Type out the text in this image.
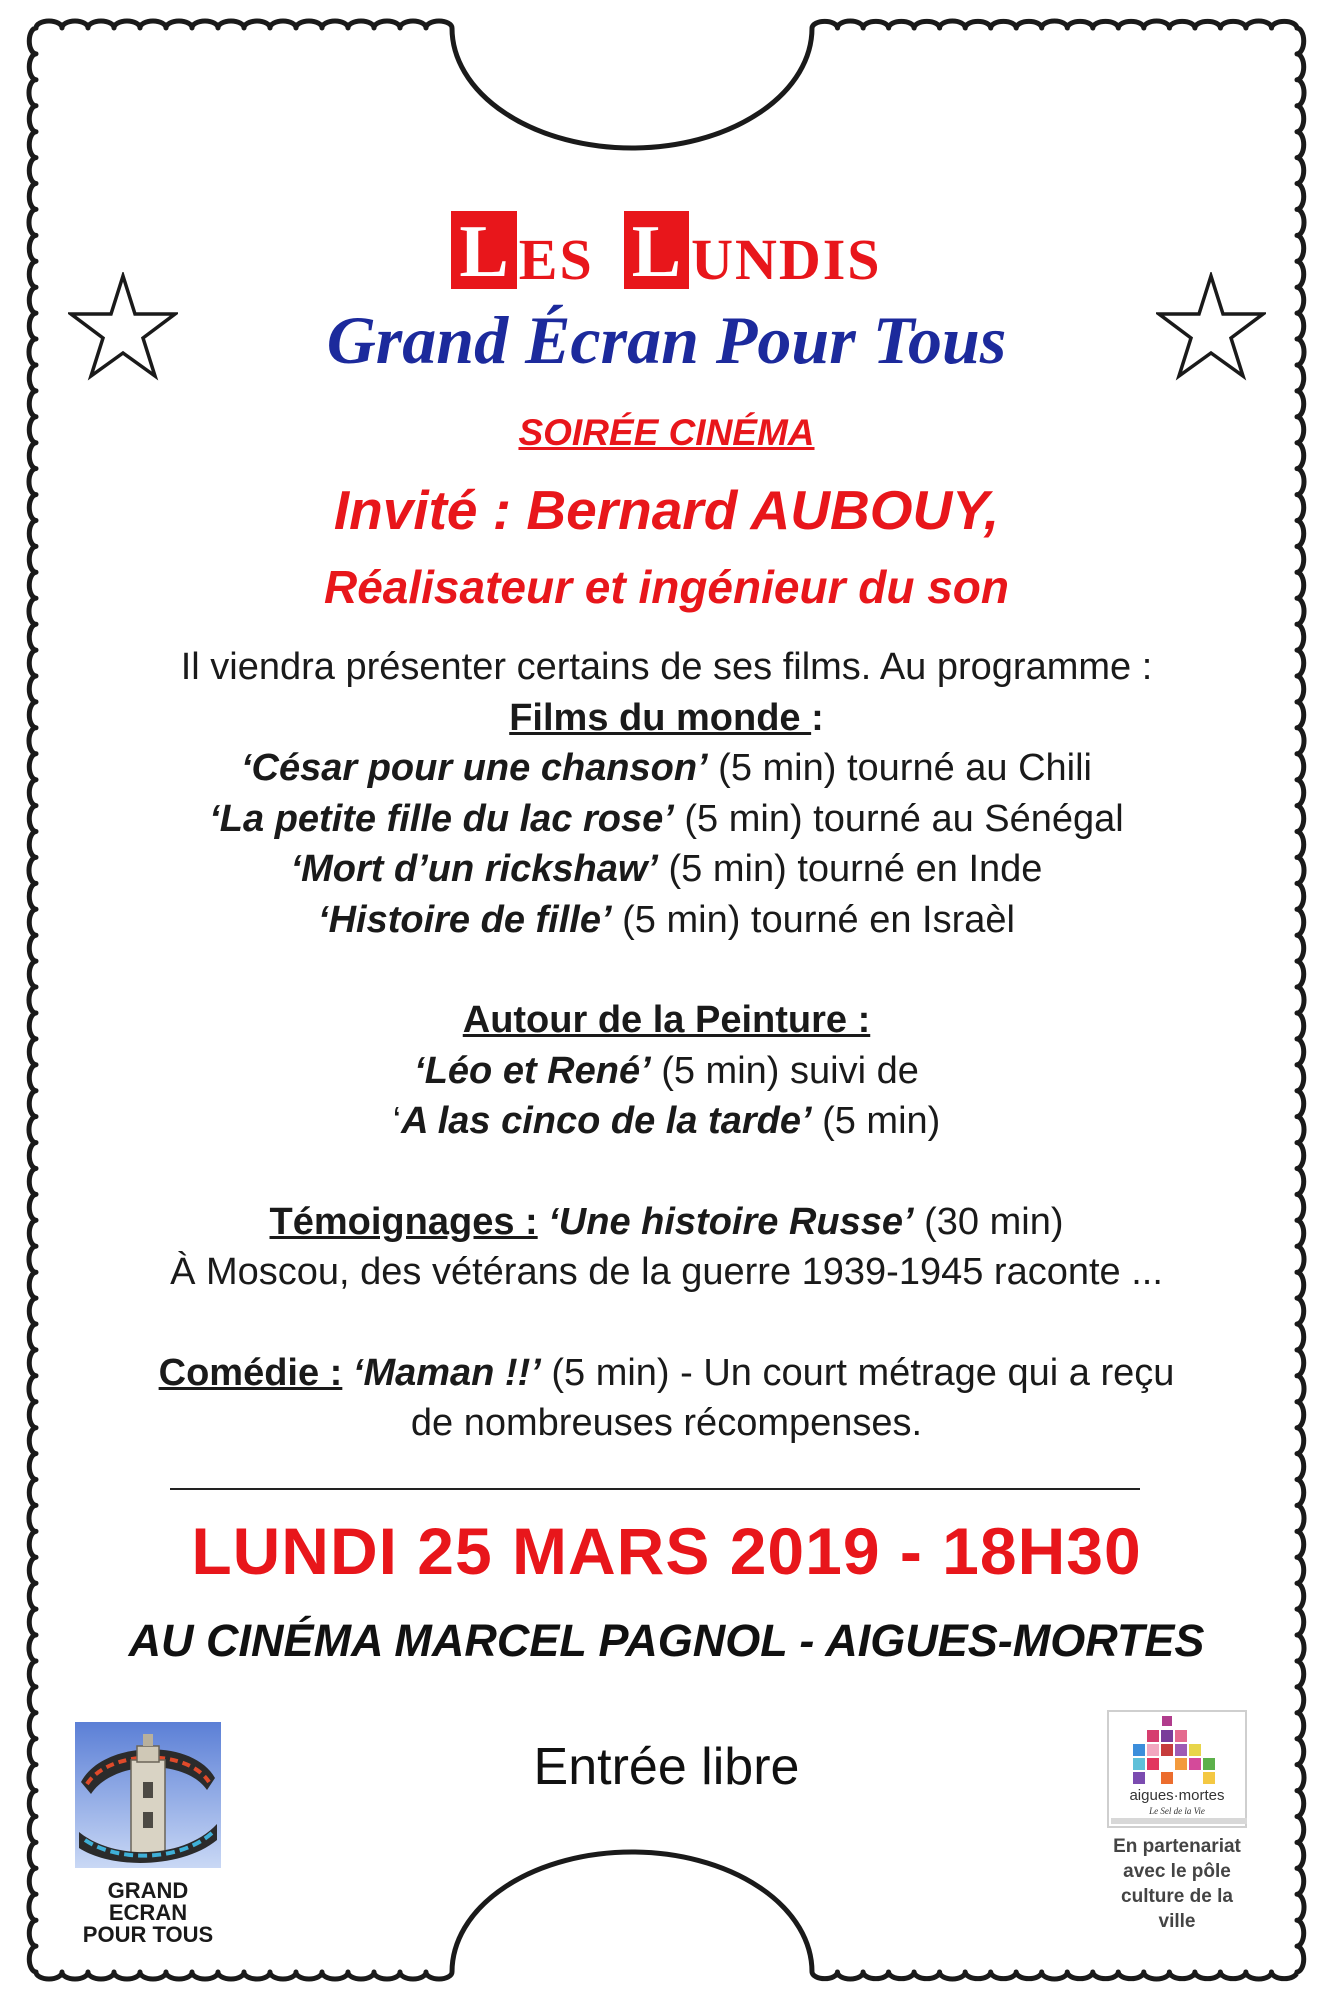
L ES L UNDIS
Grand Écran Pour Tous
SOIRÉE CINÉMA
Invité : Bernard AUBOUY,
Réalisateur et ingénieur du son

Il viendra présenter certains de ses films. Au programme :

Films du monde :

‘César pour une chanson’ (5 min) tourné au Chili

‘La petite fille du lac rose’ (5 min) tourné au Sénégal

‘Mort d’un rickshaw’ (5 min) tourné en Inde

‘Histoire de fille’ (5 min) tourné en Israèl

Autour de la Peinture :

‘Léo et René’ (5 min) suivi de

‘A las cinco de la tarde’ (5 min)

Témoignages : ‘Une histoire Russe’ (30 min)

À Moscou, des vétérans de la guerre 1939-1945 raconte ...

Comédie : ‘Maman !!’ (5 min) - Un court métrage qui a reçu

de nombreuses récompenses.

LUNDI 25 MARS 2019 - 18H30
AU CINÉMA MARCEL PAGNOL - AIGUES-MORTES
Entrée libre
GRAND ECRAN
POUR TOUS
aigues·mortes
Le Sel de la Vie
En partenariat
avec le pôle
culture de la
ville
